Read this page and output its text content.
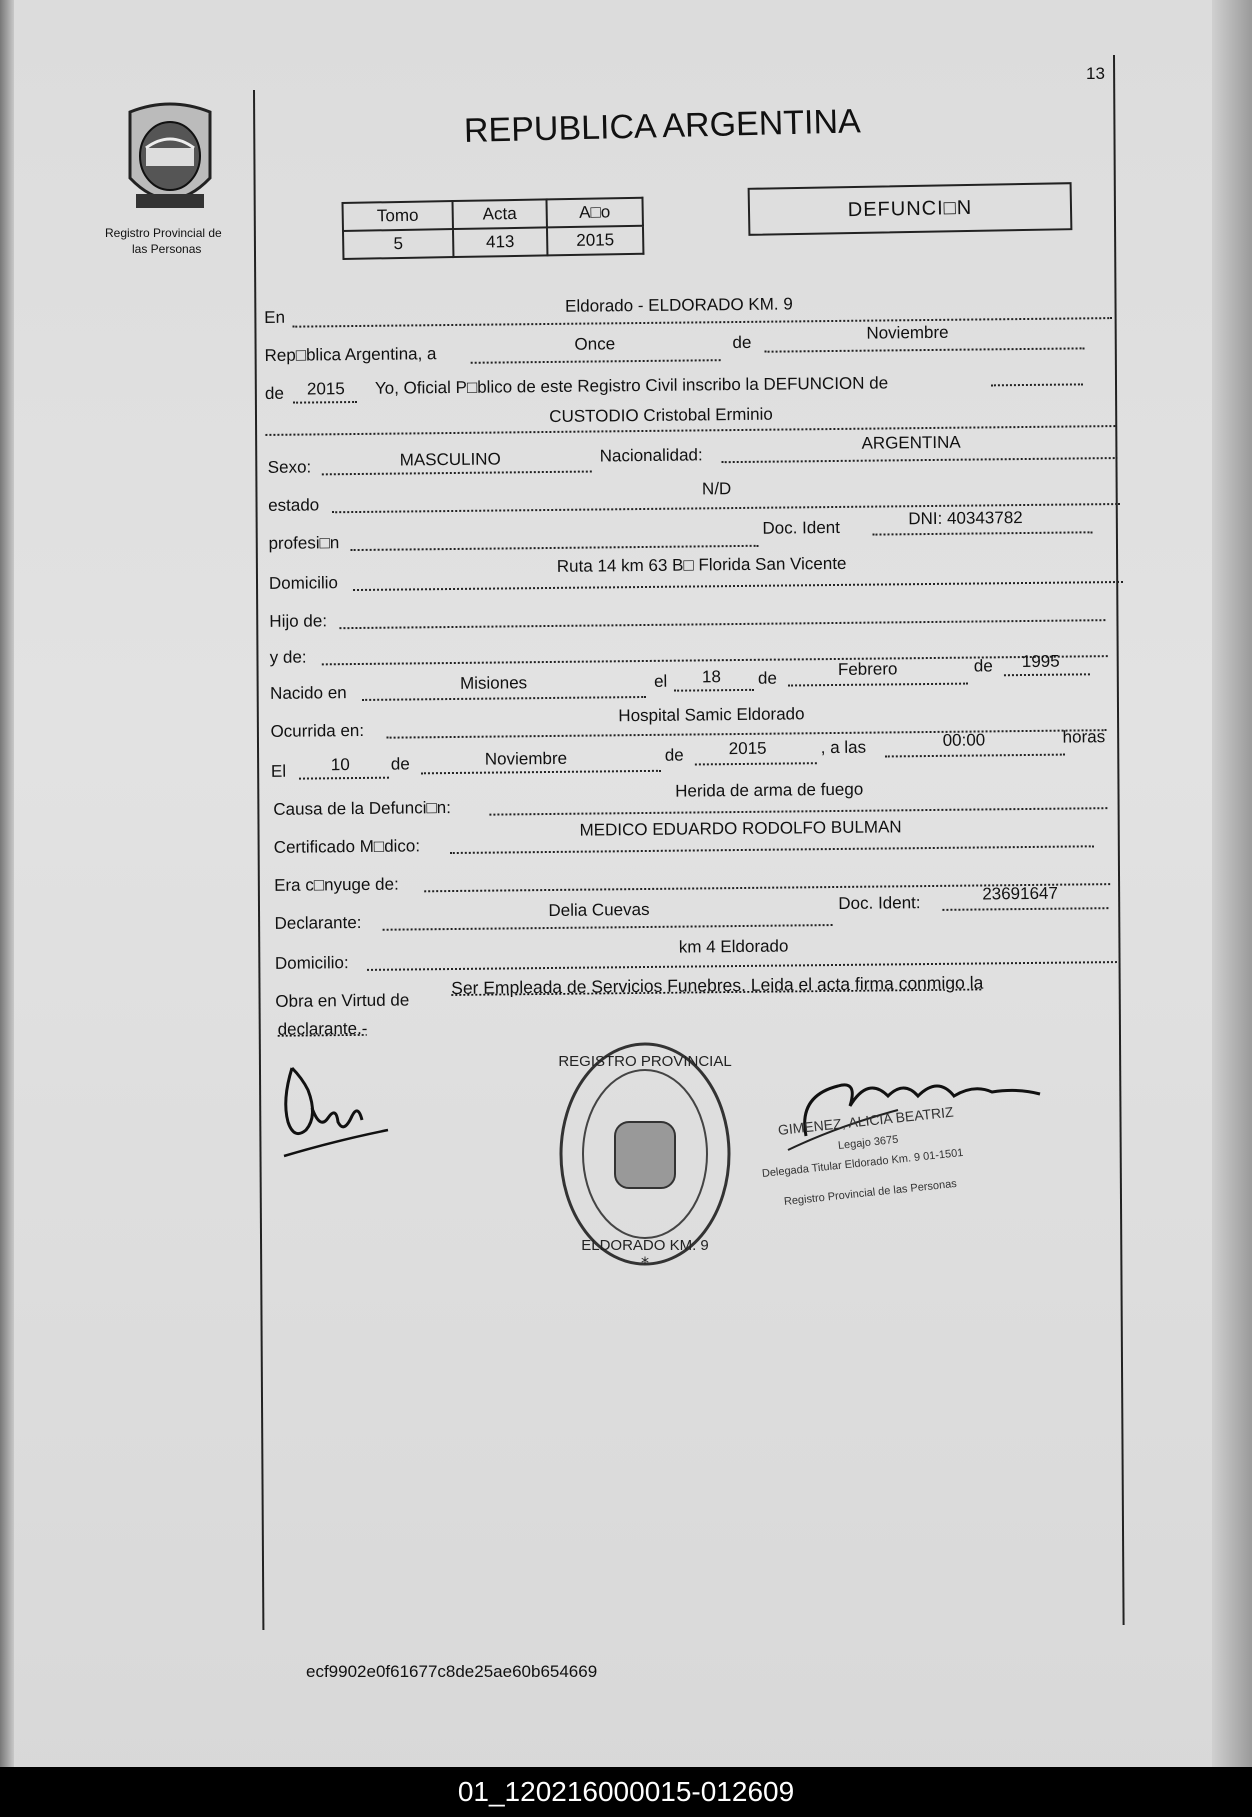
13
Registro Provincial de
las Personas
REPUBLICA ARGENTINA
Tomo	Acta	A□o
5	413	2015
DEFUNCI□N
En
Eldorado - ELDORADO KM. 9
Rep□blica Argentina, a
Once	de	Noviembre
de 2015 Yo, Oficial P□blico de este Registro Civil inscribo la DEFUNCION de
CUSTODIO Cristobal Erminio
Sexo:	MASCULINO	Nacionalidad:
ARGENTINA
estado
N/D
profesi□n
Doc. Ident	DNI: 40343782
Domicilio
Ruta 14 km 63 B□ Florida San Vicente
Hijo de:
y de:
Nacido en
Misiones	el 18 de	Febrero	de 1995
Ocurrida en:
Hospital Samic Eldorado
El	10 de	Noviembre	de	2015	, a las	00:00	horas
Causa de la Defunci□n:
Herida de arma de fuego
Certificado M□dico:
MEDICO EDUARDO RODOLFO BULMAN
Era c□nyuge de:
Declarante:
Delia Cuevas	Doc. Ident:	23691647
Domicilio:
km 4 Eldorado
Obra en Virtud de
Ser Empleada de Servicios Funebres. Leida el acta firma conmigo la
declarante.-
REGISTRO PROVINCIAL
ELDORADO KM. 9
*
GIMENEZ, ALICIA BEATRIZ
Legajo 3675
Delegada Titular Eldorado Km. 9 01-1501
Registro Provincial de las Personas
ecf9902e0f61677c8de25ae60b654669
01_120216000015-012609
